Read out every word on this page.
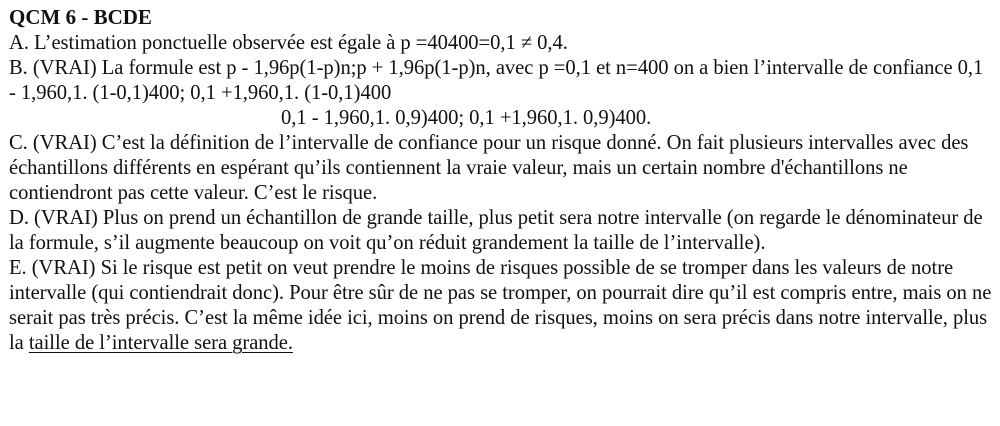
QCM 6 - BCDE

A. L’estimation ponctuelle observée est égale à p =40400=0,1 ≠ 0,4.

B. (VRAI) La formule est p - 1,96p(1-p)n;p + 1,96p(1-p)n, avec p =0,1 et n=400 on a bien l’intervalle de confiance 0,1 - 1,960,1. (1-0,1)400; 0,1 +1,960,1. (1-0,1)400
0,1 - 1,960,1. 0,9)400; 0,1 +1,960,1. 0,9)400.

C. (VRAI) C’est la définition de l’intervalle de confiance pour un risque donné. On fait plusieurs intervalles avec des échantillons différents en espérant qu’ils contiennent la vraie valeur, mais un certain nombre d'échantillons ne contiendront pas cette valeur. C’est le risque.

D. (VRAI) Plus on prend un échantillon de grande taille, plus petit sera notre intervalle (on regarde le dénominateur de la formule, s’il augmente beaucoup on voit qu’on réduit grandement la taille de l’intervalle).

E. (VRAI) Si le risque est petit on veut prendre le moins de risques possible de se tromper dans les valeurs de notre intervalle (qui contiendrait donc). Pour être sûr de ne pas se tromper, on pourrait dire qu’il est compris entre, mais on ne serait pas très précis. C’est la même idée ici, moins on prend de risques, moins on sera précis dans notre intervalle, plus la taille de l’intervalle sera grande.
